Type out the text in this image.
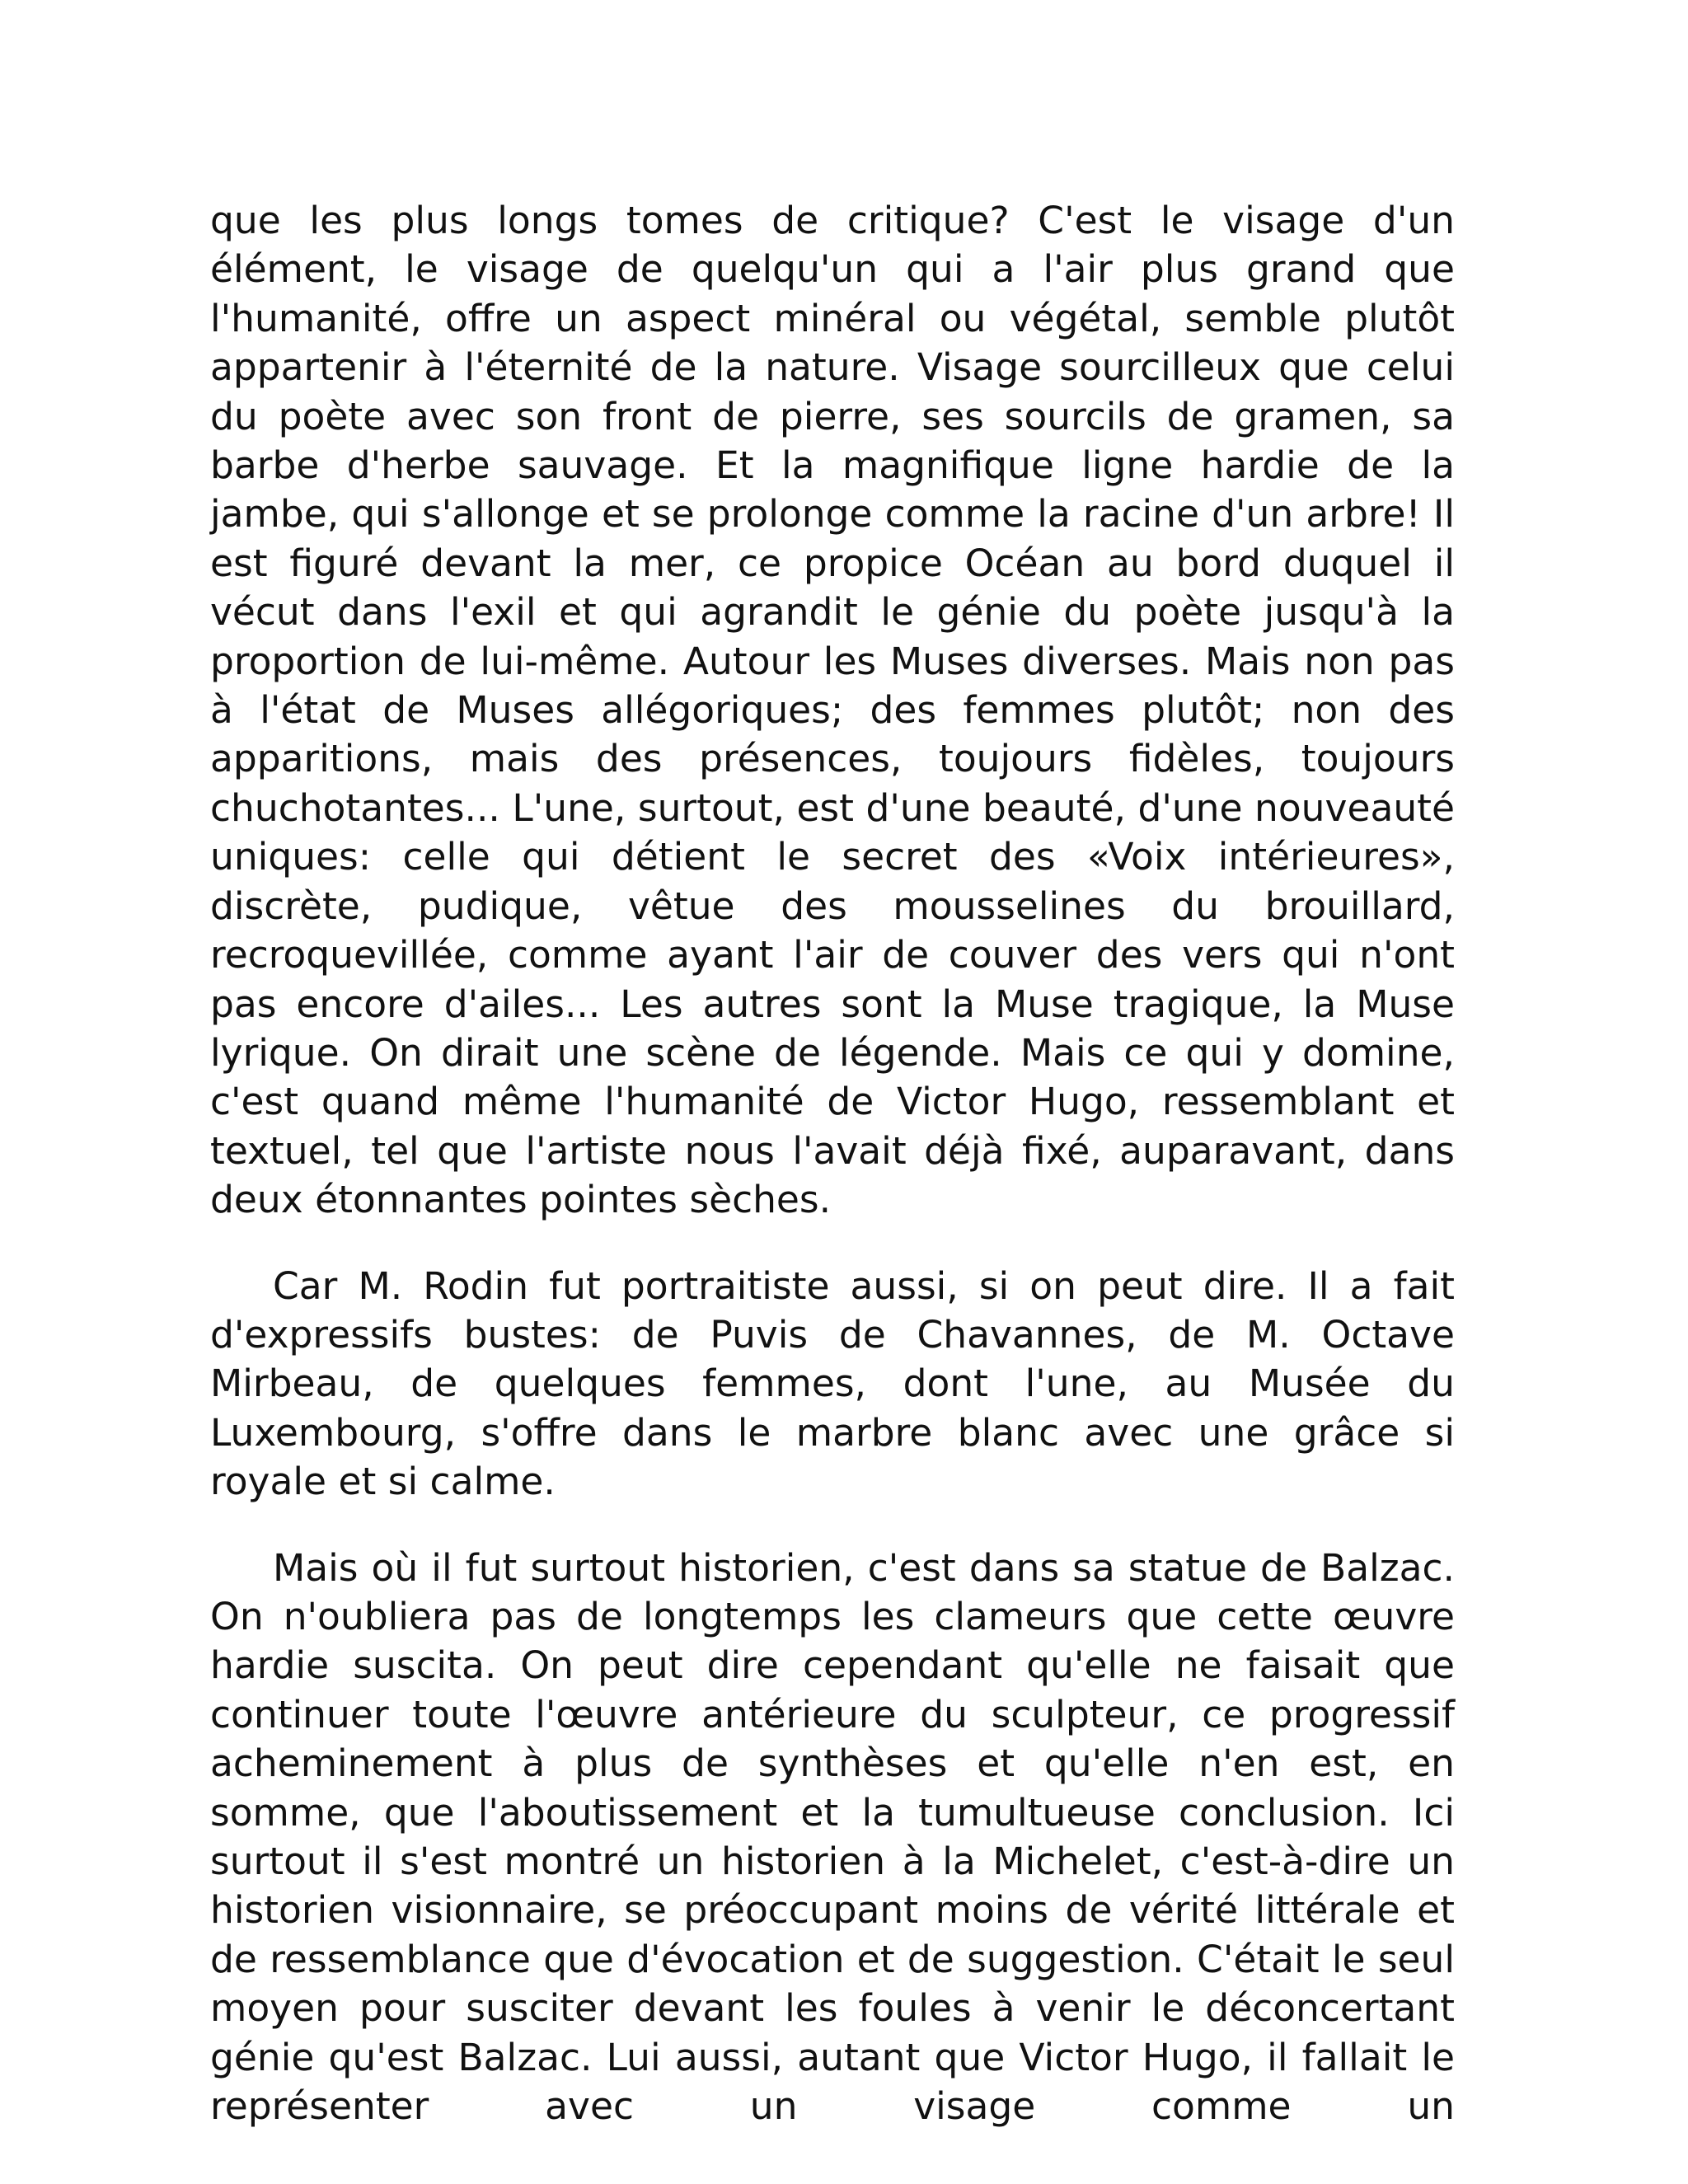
que les plus longs tomes de critique? C'est le visage d'un élément, le visage de quelqu'un qui a l'air plus grand que l'humanité, offre un aspect minéral ou végétal, semble plutôt appartenir à l'éternité de la nature. Visage sourcilleux que celui du poète avec son front de pierre, ses sourcils de gramen, sa barbe d'herbe sauvage. Et la magnifique ligne hardie de la jambe, qui s'allonge et se prolonge comme la racine d'un arbre! Il est figuré devant la mer, ce propice Océan au bord duquel il vécut dans l'exil et qui agrandit le génie du poète jusqu'à la proportion de lui-même. Autour les Muses diverses. Mais non pas à l'état de Muses allégoriques; des femmes plutôt; non des apparitions, mais des présences, toujours fidèles, toujours chuchotantes... L'une, surtout, est d'une beauté, d'une nouveauté uniques: celle qui détient le secret des «Voix intérieures», discrète, pudique, vêtue des mousselines du brouillard, recroquevillée, comme ayant l'air de couver des vers qui n'ont pas encore d'ailes... Les autres sont la Muse tragique, la Muse lyrique. On dirait une scène de légende. Mais ce qui y domine, c'est quand même l'humanité de Victor Hugo, ressemblant et textuel, tel que l'artiste nous l'avait déjà fixé, auparavant, dans deux étonnantes pointes sèches.

Car M. Rodin fut portraitiste aussi, si on peut dire. Il a fait d'expressifs bustes: de Puvis de Chavannes, de M. Octave Mirbeau, de quelques femmes, dont l'une, au Musée du Luxembourg, s'offre dans le marbre blanc avec une grâce si royale et si calme.

Mais où il fut surtout historien, c'est dans sa statue de Balzac. On n'oubliera pas de longtemps les clameurs que cette œuvre hardie suscita. On peut dire cependant qu'elle ne faisait que continuer toute l'œuvre antérieure du sculpteur, ce progressif acheminement à plus de synthèses et qu'elle n'en est, en somme, que l'aboutissement et la tumultueuse conclusion. Ici surtout il s'est montré un historien à la Michelet, c'est-à-dire un historien visionnaire, se préoccupant moins de vérité littérale et de ressemblance que d'évocation et de suggestion. C'était le seul moyen pour susciter devant les foules à venir le déconcertant génie qu'est Balzac. Lui aussi, autant que Victor Hugo, il fallait le représenter avec un visage comme un
